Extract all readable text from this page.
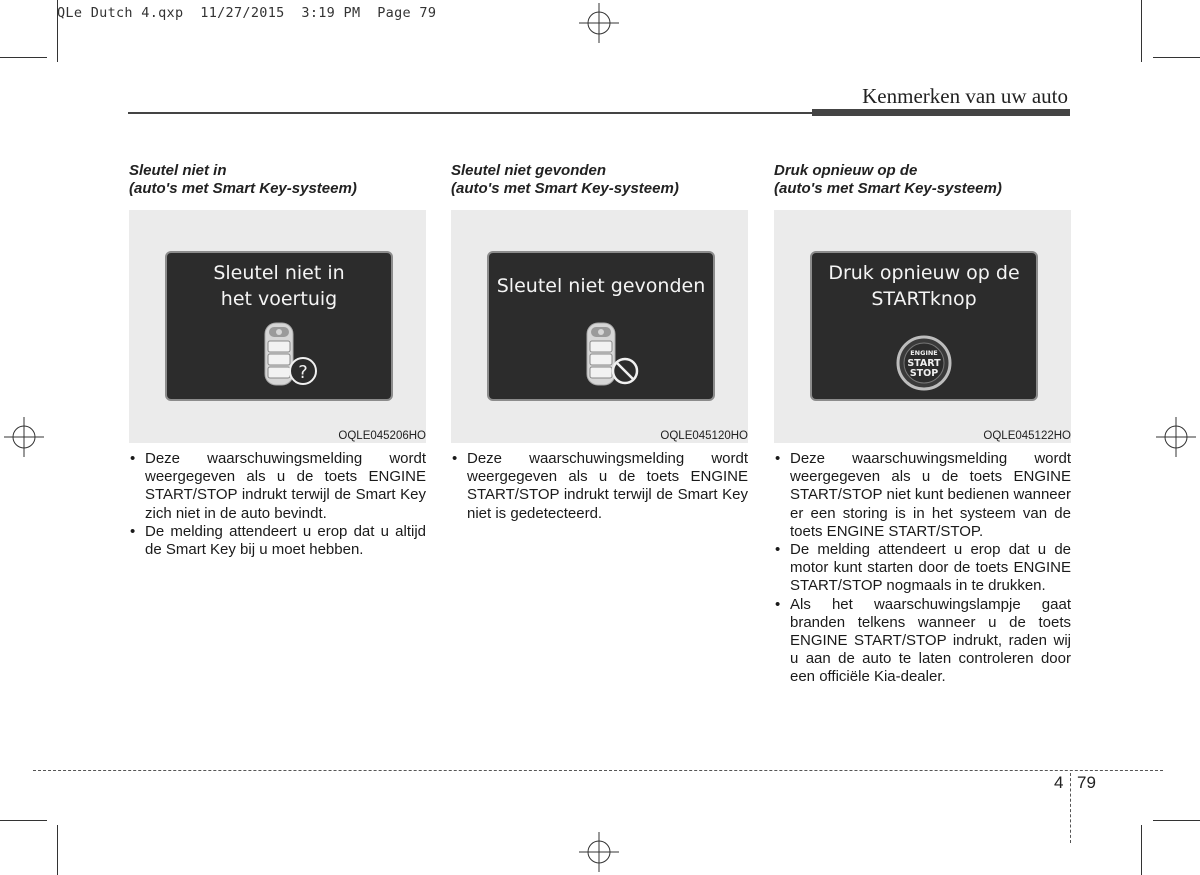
QLe Dutch 4.qxp  11/27/2015  3:19 PM  Page 79
Kenmerken van uw auto
Sleutel niet in
(auto's met Smart Key-systeem)
Sleutel niet in
het voertuig
?
OQLE045206HO
• Deze waarschuwingsmelding wordt weergegeven als u de toets ENGINE START/STOP indrukt terwijl de Smart Key zich niet in de auto bevindt.
• De melding attendeert u erop dat u altijd de Smart Key bij u moet hebben.
Sleutel niet gevonden
(auto's met Smart Key-systeem)
Sleutel niet gevonden
OQLE045120HO
• Deze waarschuwingsmelding wordt weergegeven als u de toets ENGINE START/STOP indrukt terwijl de Smart Key niet is gedetecteerd.
Druk opnieuw op de
(auto's met Smart Key-systeem)
Druk opnieuw op de
STARTknop
ENGINE
START
STOP
OQLE045122HO
• Deze waarschuwingsmelding wordt weergegeven als u de toets ENGINE START/STOP niet kunt bedienen wanneer er een storing is in het systeem van de toets ENGINE START/STOP.
• De melding attendeert u erop dat u de motor kunt starten door de toets ENGINE START/STOP nogmaals in te drukken.
• Als het waarschuwingslampje gaat branden telkens wanneer u de toets ENGINE START/STOP indrukt, raden wij u aan de auto te laten controleren door een officiële Kia-dealer.
4 79
